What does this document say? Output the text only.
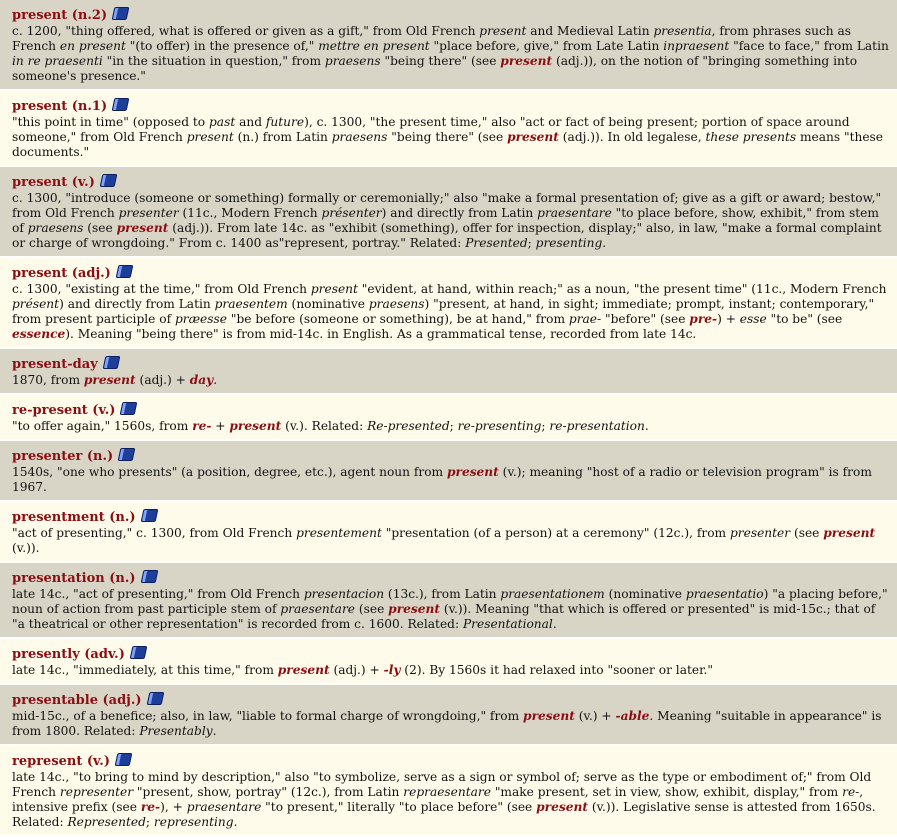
present (n.2)
c. 1200, "thing offered, what is offered or given as a gift," from Old French present and Medieval Latin presentia, from phrases such as French en present "(to offer) in the presence of," mettre en present "place before, give," from Late Latin inpraesent "face to face," from Latin in re praesenti "in the situation in question," from praesens "being there" (see present (adj.)), on the notion of "bringing something into someone's presence."
present (n.1)
"this point in time" (opposed to past and future), c. 1300, "the present time," also "act or fact of being present; portion of space around someone," from Old French present (n.) from Latin praesens "being there" (see present (adj.)). In old legalese, these presents means "these documents."
present (v.)
c. 1300, "introduce (someone or something) formally or ceremonially;" also "make a formal presentation of; give as a gift or award; bestow," from Old French presenter (11c., Modern French présenter) and directly from Latin praesentare "to place before, show, exhibit," from stem of praesens (see present (adj.)). From late 14c. as "exhibit (something), offer for inspection, display;" also, in law, "make a formal complaint or charge of wrongdoing." From c. 1400 as"represent, portray." Related: Presented; presenting.
present (adj.)
c. 1300, "existing at the time," from Old French present "evident, at hand, within reach;" as a noun, "the present time" (11c., Modern French présent) and directly from Latin praesentem (nominative praesens) "present, at hand, in sight; immediate; prompt, instant; contemporary," from present participle of præesse "be before (someone or something), be at hand," from prae- "before" (see pre-) + esse "to be" (see essence). Meaning "being there" is from mid-14c. in English. As a grammatical tense, recorded from late 14c.
present-day
1870, from present (adj.) + day.
re-present (v.)
"to offer again," 1560s, from re- + present (v.). Related: Re-presented; re-presenting; re-presentation.
presenter (n.)
1540s, "one who presents" (a position, degree, etc.), agent noun from present (v.); meaning "host of a radio or television program" is from 1967.
presentment (n.)
"act of presenting," c. 1300, from Old French presentement "presentation (of a person) at a ceremony" (12c.), from presenter (see present (v.)).
presentation (n.)
late 14c., "act of presenting," from Old French presentacion (13c.), from Latin praesentationem (nominative praesentatio) "a placing before," noun of action from past participle stem of praesentare (see present (v.)). Meaning "that which is offered or presented" is mid-15c.; that of "a theatrical or other representation" is recorded from c. 1600. Related: Presentational.
presently (adv.)
late 14c., "immediately, at this time," from present (adj.) + -ly (2). By 1560s it had relaxed into "sooner or later."
presentable (adj.)
mid-15c., of a benefice; also, in law, "liable to formal charge of wrongdoing," from present (v.) + -able. Meaning "suitable in appearance" is from 1800. Related: Presentably.
represent (v.)
late 14c., "to bring to mind by description," also "to symbolize, serve as a sign or symbol of; serve as the type or embodiment of;" from Old French representer "present, show, portray" (12c.), from Latin repraesentare "make present, set in view, show, exhibit, display," from re-, intensive prefix (see re-), + praesentare "to present," literally "to place before" (see present (v.)). Legislative sense is attested from 1650s. Related: Represented; representing.
